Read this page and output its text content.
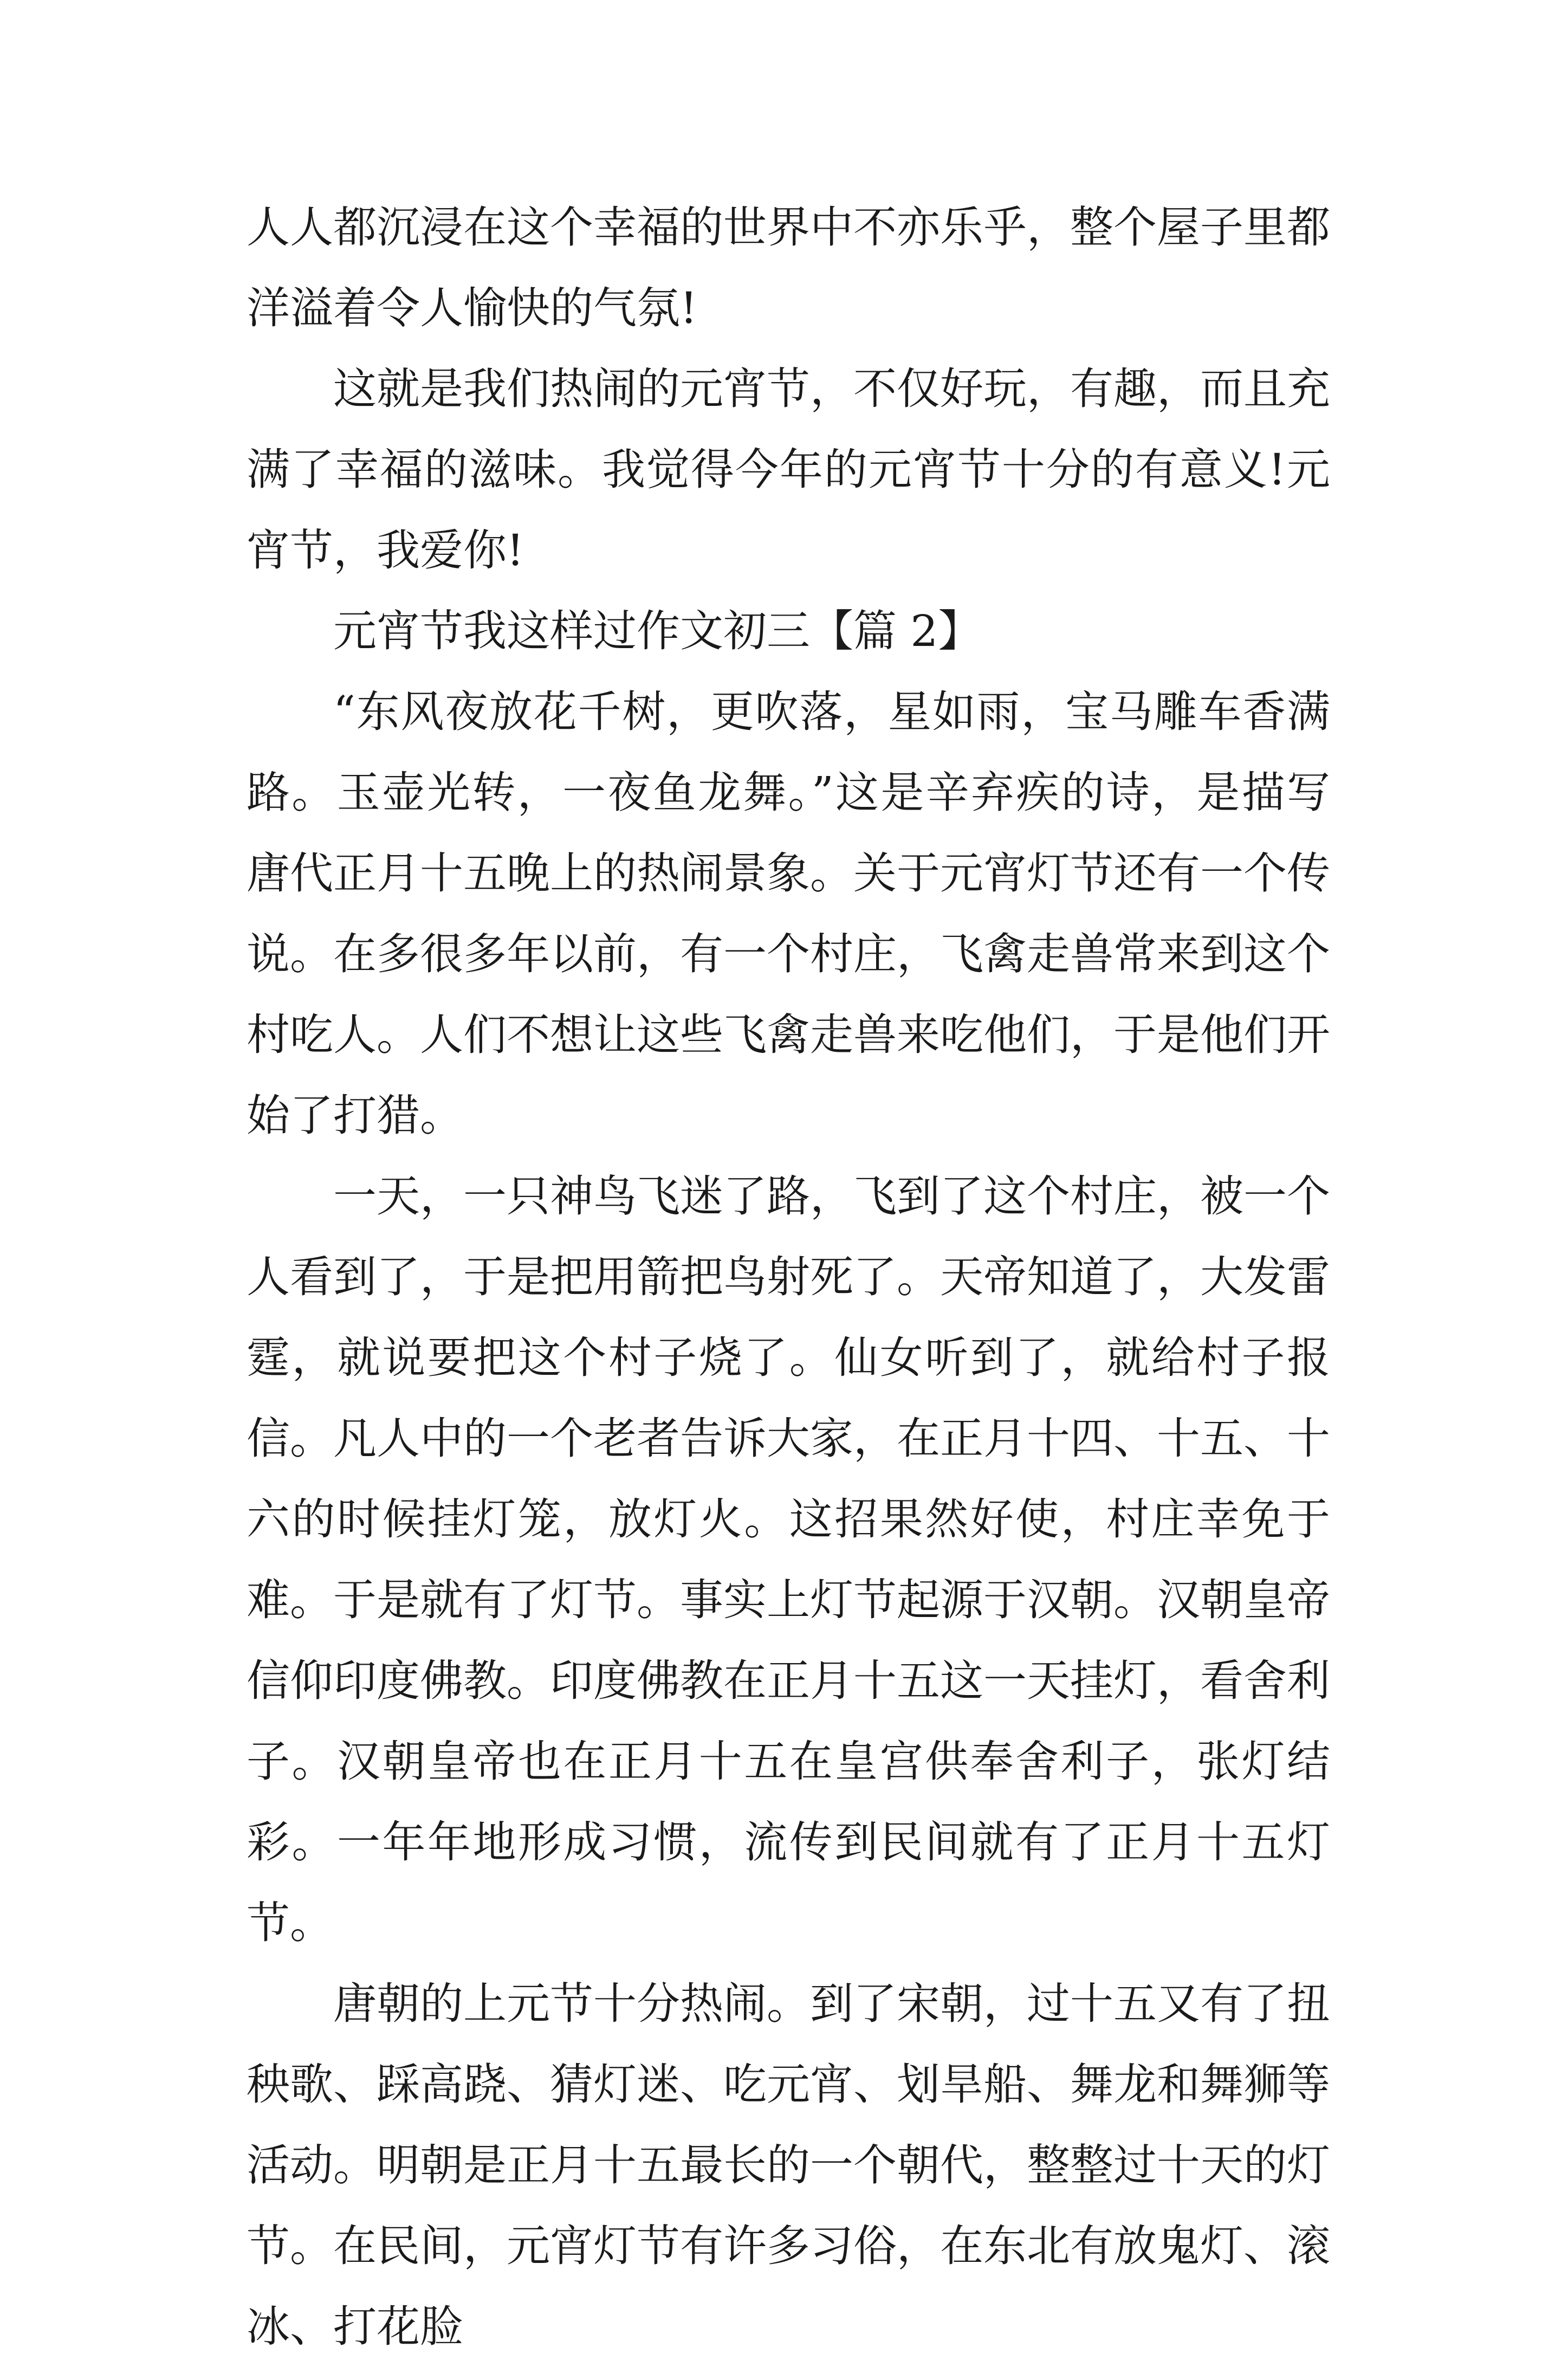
人人都沉浸在这个幸福的世界中不亦乐乎，整个屋子里都洋溢着令人愉快的气氛!

这就是我们热闹的元宵节，不仅好玩，有趣，而且充满了幸福的滋味。我觉得今年的元宵节十分的有意义!元宵节，我爱你!

元宵节我这样过作文初三【篇 2】

“东风夜放花千树，更吹落，星如雨，宝马雕车香满路。玉壶光转，一夜鱼龙舞。”这是辛弃疾的诗，是描写唐代正月十五晚上的热闹景象。关于元宵灯节还有一个传说。在多很多年以前，有一个村庄，飞禽走兽常来到这个村吃人。人们不想让这些飞禽走兽来吃他们，于是他们开始了打猎。

一天，一只神鸟飞迷了路，飞到了这个村庄，被一个人看到了，于是把用箭把鸟射死了。天帝知道了，大发雷霆，就说要把这个村子烧了。仙女听到了，就给村子报信。凡人中的一个老者告诉大家，在正月十四、十五、十六的时候挂灯笼，放灯火。这招果然好使，村庄幸免于难。于是就有了灯节。事实上灯节起源于汉朝。汉朝皇帝信仰印度佛教。印度佛教在正月十五这一天挂灯，看舍利子。汉朝皇帝也在正月十五在皇宫供奉舍利子，张灯结彩。一年年地形成习惯，流传到民间就有了正月十五灯节。

唐朝的上元节十分热闹。到了宋朝，过十五又有了扭秧歌、踩高跷、猜灯迷、吃元宵、划旱船、舞龙和舞狮等活动。明朝是正月十五最长的一个朝代，整整过十天的灯节。在民间，元宵灯节有许多习俗，在东北有放鬼灯、滚冰、打花脸
